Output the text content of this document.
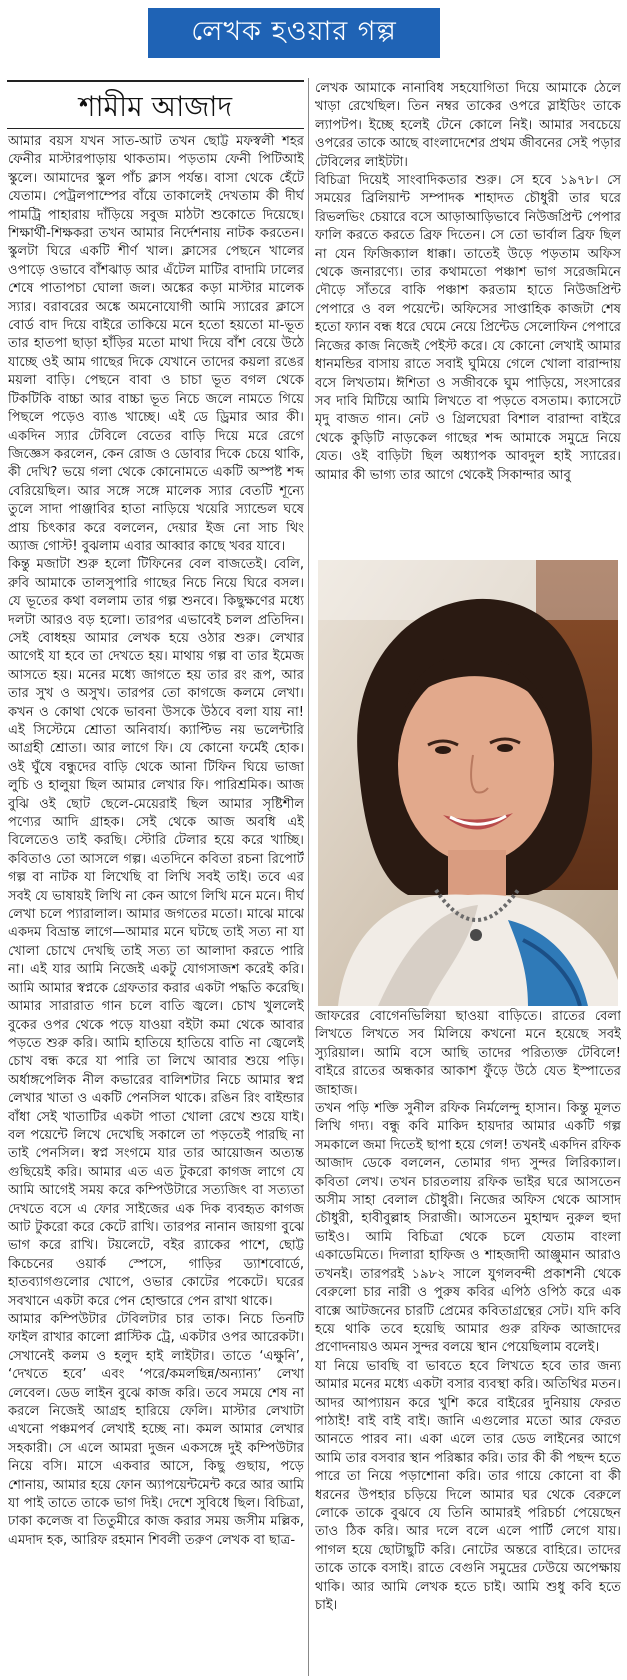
লেখক হওয়ার গল্প
শামীম আজাদ

আমার বয়স যখন সাত-আট তখন ছোট্ট মফস্বলী শহর ফেনীর মাস্টারপাড়ায় থাকতাম। পড়তাম ফেনী পিটিআই স্কুলে। আমাদের স্কুল পাঁচ ক্লাস পর্যন্ত। বাসা থেকে হেঁটে যেতাম। পেট্রলপাম্পের বাঁয়ে তাকালেই দেখতাম কী দীর্ঘ পামট্রি পাহারায় দাঁড়িয়ে সবুজ মাঠটা শুকোতে দিয়েছে। শিক্ষার্থী-শিক্ষকরা তখন আমার নির্দেশনায় নাটক করতেন। স্কুলটা ঘিরে একটি শীর্ণ খাল। ক্লাসের পেছনে খালের ওপাড়ে ওভাবে বাঁশঝাড় আর এঁটেল মাটির বাদামি ঢালের শেষে পাতাপচা ঘোলা জল। অঙ্কের কড়া মাস্টার মালেক স্যার। বরাবরের অঙ্কে অমনোযোগী আমি স্যারের ক্লাসে বোর্ড বাদ দিয়ে বাইরে তাকিয়ে মনে হতো হয়তো মা-ভূত তার হাতপা ছাড়া হাঁড়ির মতো মাথা দিয়ে বাঁশ বেয়ে উঠে যাচ্ছে ওই আম গাছের দিকে যেখানে তাদের কয়লা রঙের ময়লা বাড়ি। পেছনে বাবা ও চাচা ভূত বগল থেকে টিকটিকি বাচ্চা আর বাচ্চা ভূত নিচে জলে নামতে গিয়ে পিছলে পড়েও ব্যাঙ খাচ্ছে। এই ডে ড্রিমার আর কী। একদিন স্যার টেবিলে বেতের বাড়ি দিয়ে মরে রেগে জিজ্ঞেস করলেন, কেন রোজ ও ডোবার দিকে চেয়ে থাকি, কী দেখি? ভয়ে গলা থেকে কোনোমতে একটি অস্পষ্ট শব্দ বেরিয়েছিল। আর সঙ্গে সঙ্গে মালেক স্যার বেতটি শূন্যে তুলে সাদা পাঞ্জাবির হাতা নাড়িয়ে খয়েরি স্যান্ডেল ঘষে প্রায় চিৎকার করে বললেন, দেয়ার ইজ নো সাচ থিং অ্যাজ গোস্ট! বুঝলাম এবার আব্বার কাছে খবর যাবে।

কিন্তু মজাটা শুরু হলো টিফিনের বেল বাজতেই। বেলি, রুবি আমাকে তালসুপারি গাছের নিচে নিয়ে ঘিরে বসল। যে ভূতের কথা বললাম তার গল্প শুনবে। কিছুক্ষণের মধ্যে দলটা আরও বড় হলো। তারপর এভাবেই চলল প্রতিদিন। সেই বোধহয় আমার লেখক হয়ে ওঠার শুরু। লেখার আগেই যা হবে তা দেখতে হয়। মাথায় গল্প বা তার ইমেজ আসতে হয়। মনের মধ্যে জাগতে হয় তার রং রূপ, আর তার সুখ ও অসুখ। তারপর তো কাগজে কলমে লেখা। কখন ও কোথা থেকে ভাবনা উসকে উঠবে বলা যায় না! এই সিস্টেমে শ্রোতা অনিবার্য। ক্যাপ্টিভ নয় ভলেন্টারি আগ্রহী শ্রোতা। আর লাগে ফি। যে কোনো ফর্মেই হোক। ওই ঘুঁষে বন্ধুদের বাড়ি থেকে আনা টিফিন ঘিয়ে ভাজা লুচি ও হালুয়া ছিল আমার লেখার ফি। পারিশ্রমিক। আজ বুঝি ওই ছোট ছেলে-মেয়েরাই ছিল আমার সৃষ্টিশীল পণ্যের আদি গ্রাহক। সেই থেকে আজ অবধি এই বিলেতেও তাই করছি। স্টোরি টেলার হয়ে করে খাচ্ছি। কবিতাও তো আসলে গল্প। এতদিনে কবিতা রচনা রিপোর্ট গল্প বা নাটক যা লিখেছি বা লিখি সবই তাই। তবে এর সবই যে ভাষায়ই লিখি না কেন আগে লিখি মনে মনে। দীর্ঘ লেখা চলে প্যারালাল। আমার জগতের মতো। মাঝে মাঝে একদম বিভ্রান্ত লাগে—আমার মনে ঘটছে তাই সত্য না যা খোলা চোখে দেখছি তাই সত্য তা আলাদা করতে পারি না। এই যার আমি নিজেই একটু যোগসাজশ করেই করি। আমি আমার স্বপ্নকে গ্রেফতার করার একটা পদ্ধতি করেছি। আমার সারারাত গান চলে বাতি জ্বলে। চোখ খুললেই বুকের ওপর থেকে পড়ে যাওয়া বইটা কমা থেকে আবার পড়তে শুরু করি। আমি হাতিয়ে হাতিয়ে বাতি না জ্বেলেই চোখ বন্ধ করে যা পারি তা লিখে আবার শুয়ে পড়ি। অর্ধাঙ্গপেলিক নীল কভারের বালিশটার নিচে আমার স্বপ্ন লেখার খাতা ও একটি পেনসিল থাকে। রঙিন রিং বাইন্ডার বাঁধা সেই খাতাটির একটা পাতা খোলা রেখে শুয়ে যাই। বল পয়েন্টে লিখে দেখেছি সকালে তা পড়তেই পারছি না তাই পেনসিল। স্বপ্ন সংগমে যার তার আয়োজন অত্যন্ত গুছিয়েই করি। আমার এত এত টুকরো কাগজ লাগে যে আমি আগেই সময় করে কম্পিউটারে সত্যজিৎ বা সত্যতা দেখতে বসে এ ফোর সাইজের এক দিক ব্যবহৃত কাগজ আট টুকরো করে কেটে রাখি। তারপর নানান জায়গা বুঝে ভাগ করে রাখি। টয়লেটে, বইর র‍্যাকের পাশে, ছোট্ট কিচেনের ওয়ার্ক স্পেসে, গাড়ির ড্যাশবোর্ডে, হাতব্যাগগুলোর খোপে, ওভার কোটের পকেটে। ঘরের সবখানে একটা করে পেন হোল্ডারে পেন রাখা থাকে।

আমার কম্পিউটার টেবিলটার চার তাক। নিচে তিনটি ফাইল রাখার কালো প্লাস্টিক ট্রে, একটার ওপর আরেকটা। সেখানেই কলম ও হলুদ হাই লাইটার। তাতে ‘এক্ষুনি’, ‘দেখতে হবে’ এবং ‘পরে/কমলছিন্ন/অন্যান্য’ লেখা লেবেল। ডেড লাইন বুঝে কাজ করি। তবে সময়ে শেষ না করলে নিজেই আগ্রহ হারিয়ে ফেলি। মাস্টার লেখাটা এখনো পঞ্চমপর্ব লেখাই হচ্ছে না। কমল আমার লেখার সহকারী। সে এলে আমরা দুজন একসঙ্গে দুই কম্পিউটার নিয়ে বসি। মাসে একবার আসে, কিছু গুছায়, পড়ে শোনায়, আমার হয়ে ফোন অ্যাপয়েন্টমেন্ট করে আর আমি যা পাই তাতে তাকে ভাগ দিই। দেশে সুবিধে ছিল। বিচিত্রা, ঢাকা কলেজ বা তিতুমীরে কাজ করার সময় জসীম মল্লিক, এমদাদ হক, আরিফ রহমান শিবলী তরুণ লেখক বা ছাত্র-

লেখক আমাকে নানাবিধ সহযোগিতা দিয়ে আমাকে ঠেলে খাড়া রেখেছিল। তিন নম্বর তাকের ওপরে স্লাইডিং তাকে ল্যাপটপ। ইচ্ছে হলেই টেনে কোলে নিই। আমার সবচেয়ে ওপরের তাকে আছে বাংলাদেশের প্রথম জীবনের সেই পড়ার টেবিলের লাইটটা।

বিচিত্রা দিয়েই সাংবাদিকতার শুরু। সে হবে ১৯৭৮। সে সময়ের ব্রিলিয়ান্ট সম্পাদক শাহাদত চৌধুরী তার ঘরে রিভলভিং চেয়ারে বসে আড়াআড়িভাবে নিউজপ্রিন্ট পেপার ফালি করতে করতে ব্রিফ দিতেন। সে তো ভার্বাল ব্রিফ ছিল না যেন ফিজিক্যাল ধাক্কা। তাতেই উড়ে পড়তাম অফিস থেকে জনারণ্যে। তার কথামতো পঞ্চাশ ভাগ সরেজমিনে দৌড়ে সাঁতরে বাকি পঞ্চাশ করতাম হাতে নিউজপ্রিন্ট পেপারে ও বল পয়েন্টে। অফিসের সাপ্তাহিক কাজটা শেষ হতো ফ্যান বন্ধ ধরে ঘেমে নেয়ে প্রিন্টেড সেলোফিন পেপারে নিজের কাজ নিজেই পেইস্ট করে। যে কোনো লেখাই আমার ধানমন্ডির বাসায় রাতে সবাই ঘুমিয়ে গেলে খোলা বারান্দায় বসে লিখতাম। ঈশিতা ও সজীবকে ঘুম পাড়িয়ে, সংসারের সব দাবি মিটিয়ে আমি লিখতে বা পড়তে বসতাম। ক্যাসেটে মৃদু বাজত গান। নেট ও গ্রিলঘেরা বিশাল বারান্দা বাইরে থেকে কুড়িটি নাড়কেল গাছের শব্দ আমাকে সমুদ্রে নিয়ে যেত। ওই বাড়িটা ছিল অধ্যাপক আবদুল হাই স্যারের। আমার কী ভাগ্য তার আগে থেকেই সিকান্দার আবু

জাফরের বোগেনভিলিয়া ছাওয়া বাড়িতে। রাতের বেলা লিখতে লিখতে সব মিলিয়ে কখনো মনে হয়েছে সবই স্যুরিয়াল। আমি বসে আছি তাদের পরিত্যক্ত টেবিলে! বাইরে রাতের অন্ধকার আকাশ ফুঁড়ে উঠে যেত ইস্পাতের জাহাজ।

তখন পড়ি শক্তি সুনীল রফিক নির্মলেন্দু হাসান। কিন্তু মূলত লিখি গদ্য। বন্ধু কবি মাকিদ হায়দার আমার একটি গল্প সমকালে জমা দিতেই ছাপা হয়ে গেল! তখনই একদিন রফিক আজাদ ডেকে বললেন, তোমার গদ্য সুন্দর লিরিক্যাল। কবিতা লেখ। তখন চারতলায় রফিক ভাইর ঘরে আসতেন অসীম সাহা বেলাল চৌধুরী। নিজের অফিস থেকে আসাদ চৌধুরী, হাবীবুল্লাহ সিরাজী। আসতেন মুহাম্মদ নুরুল হুদা ভাইও। আমি বিচিত্রা থেকে চলে যেতাম বাংলা একাডেমিতে। দিলারা হাফিজ ও শাহজাদী আঞ্জুমান আরাও তখনই। তারপরই ১৯৮২ সালে যুগলবন্দী প্রকাশনী থেকে বেরুলো চার নারী ও পুরুষ কবির এপিঠ ওপিঠ করে এক বাক্সে আটজনের চারটি প্রেমের কবিতাগ্রন্থের সেট। যদি কবি হয়ে থাকি তবে হয়েছি আমার গুরু রফিক আজাদের প্রণোদনায়ও অমন সুন্দর বলয়ে স্থান পেয়েছিলাম বলেই।

যা নিয়ে ভাবছি বা ভাবতে হবে লিখতে হবে তার জন্য আমার মনের মধ্যে একটা বসার ব্যবস্থা করি। অতিথির মতন। আদর আপ্যায়ন করে খুশি করে বাইরের দুনিয়ায় ফেরত পাঠাই! বাই বাই বাই। জানি এগুলোর মতো আর ফেরত আনতে পারব না। একা এলে তার ডেড লাইনের আগে আমি তার বসবার স্থান পরিষ্কার করি। তার কী কী পছন্দ হতে পারে তা নিয়ে পড়াশোনা করি। তার গায়ে কোনো বা কী ধরনের উপহার চড়িয়ে দিলে আমার ঘর থেকে বেরুলে লোকে তাকে বুঝবে যে তিনি আমারই পরিচর্চা পেয়েছেন তাও ঠিক করি। আর দলে বলে এলে পার্টি লেগে যায়। পাগল হয়ে ছোটাছুটি করি। নোটের অন্তরে বাহিরে। তাদের তাকে তাকে বসাই। রাতে বেগুনি সমুদ্রের ঢেউয়ে অপেক্ষায় থাকি। আর আমি লেখক হতে চাই। আমি শুধু কবি হতে চাই।
